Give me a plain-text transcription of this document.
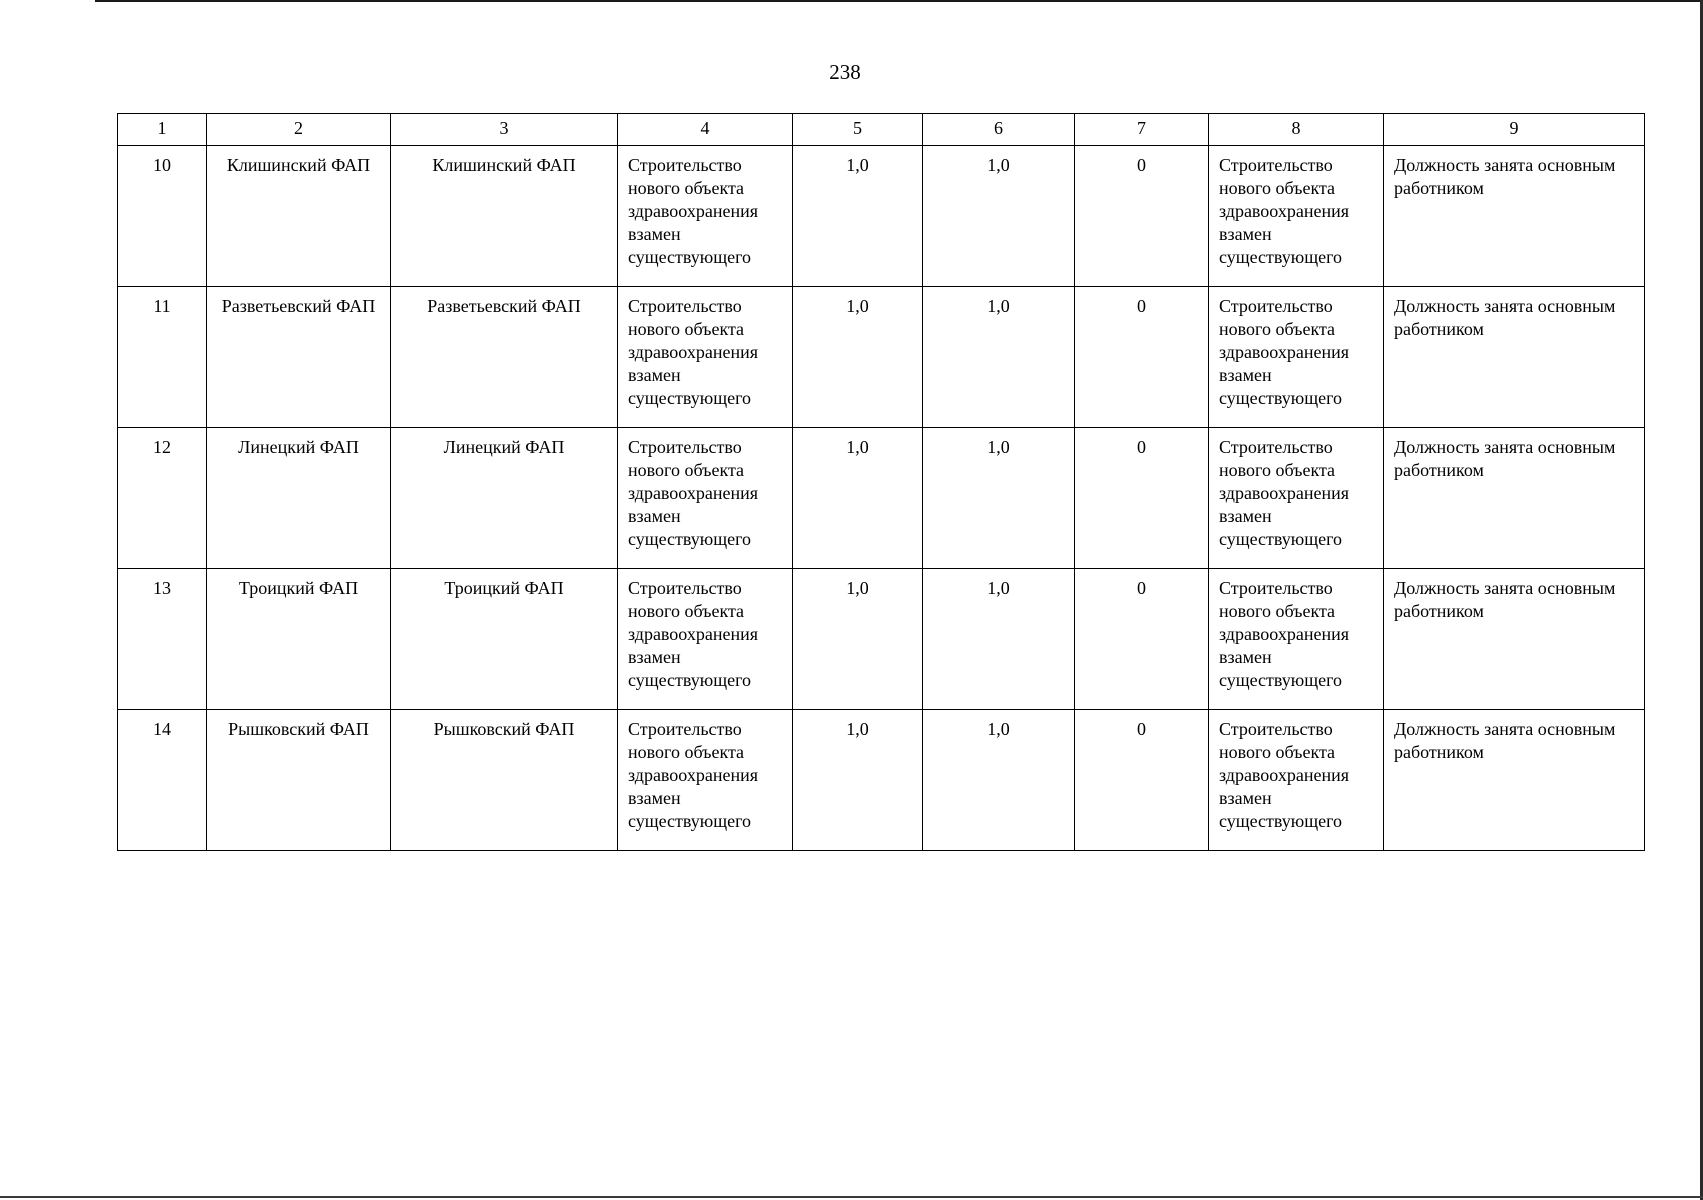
238
1	2	3	4	5	6	7	8	9
10	Клишинский ФАП	Клишинский ФАП	Строительство нового объекта здравоохранения взамен существующего	1,0	1,0	0	Строительство нового объекта здравоохранения взамен существующего	Должность занята основным работником
11	Разветьевский ФАП	Разветьевский ФАП	Строительство нового объекта здравоохранения взамен существующего	1,0	1,0	0	Строительство нового объекта здравоохранения взамен существующего	Должность занята основным работником
12	Линецкий ФАП	Линецкий ФАП	Строительство нового объекта здравоохранения взамен существующего	1,0	1,0	0	Строительство нового объекта здравоохранения взамен существующего	Должность занята основным работником
13	Троицкий ФАП	Троицкий ФАП	Строительство нового объекта здравоохранения взамен существующего	1,0	1,0	0	Строительство нового объекта здравоохранения взамен существующего	Должность занята основным работником
14	Рышковский ФАП	Рышковский ФАП	Строительство нового объекта здравоохранения взамен существующего	1,0	1,0	0	Строительство нового объекта здравоохранения взамен существующего	Должность занята основным работником
